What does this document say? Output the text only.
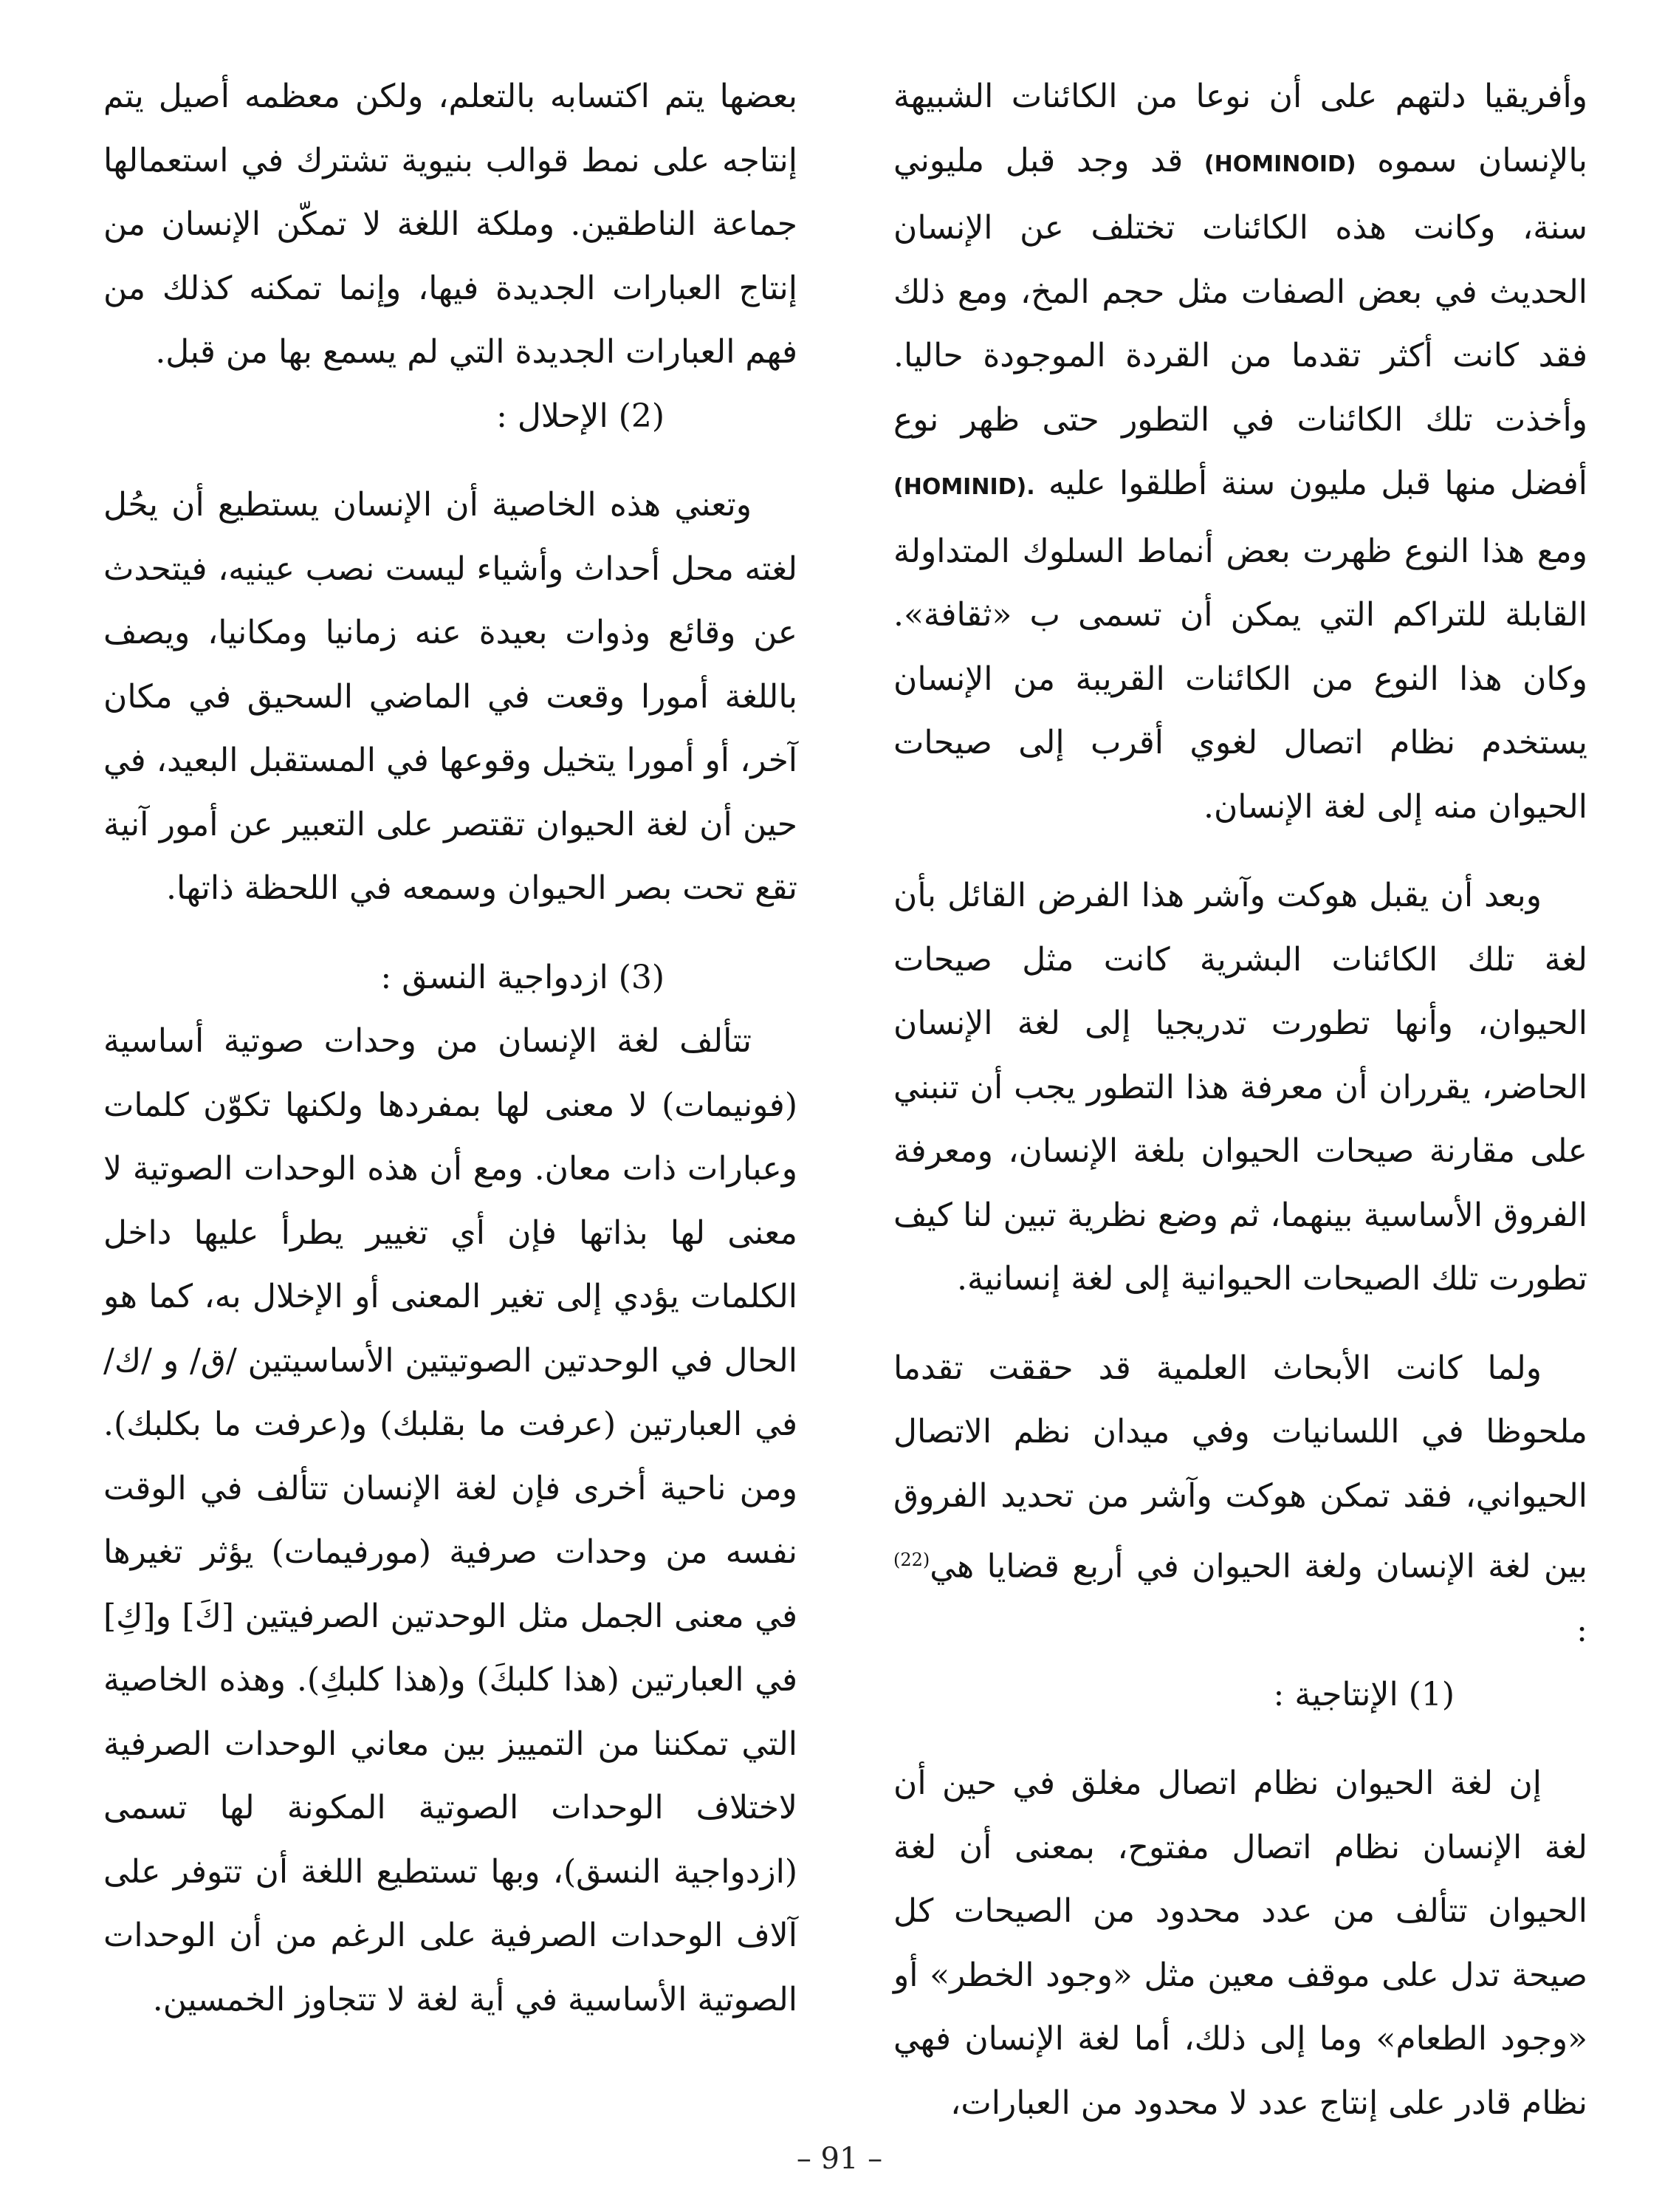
وأفريقيا دلتهم على أن نوعا من الكائنات الشبيهة بالإنسان سموه (HOMINOID) قد وجد قبل مليوني سنة، وكانت هذه الكائنات تختلف عن الإنسان الحديث في بعض الصفات مثل حجم المخ، ومع ذلك فقد كانت أكثر تقدما من القردة الموجودة حاليا. وأخذت تلك الكائنات في التطور حتى ظهر نوع أفضل منها قبل مليون سنة أطلقوا عليه (HOMINID). ومع هذا النوع ظهرت بعض أنماط السلوك المتداولة القابلة للتراكم التي يمكن أن تسمى ب «ثقافة». وكان هذا النوع من الكائنات القريبة من الإنسان يستخدم نظام اتصال لغوي أقرب إلى صيحات الحيوان منه إلى لغة الإنسان.

وبعد أن يقبل هوكت وآشر هذا الفرض القائل بأن لغة تلك الكائنات البشرية كانت مثل صيحات الحيوان، وأنها تطورت تدريجيا إلى لغة الإنسان الحاضر، يقرران أن معرفة هذا التطور يجب أن تنبني على مقارنة صيحات الحيوان بلغة الإنسان، ومعرفة الفروق الأساسية بينهما، ثم وضع نظرية تبين لنا كيف تطورت تلك الصيحات الحيوانية إلى لغة إنسانية.

ولما كانت الأبحاث العلمية قد حققت تقدما ملحوظا في اللسانيات وفي ميدان نظم الاتصال الحيواني، فقد تمكن هوكت وآشر من تحديد الفروق بين لغة الإنسان ولغة الحيوان في أربع قضايا هي$^{(22)}$ :

(1) الإنتاجية :

إن لغة الحيوان نظام اتصال مغلق في حين أن لغة الإنسان نظام اتصال مفتوح، بمعنى أن لغة الحيوان تتألف من عدد محدود من الصيحات كل صيحة تدل على موقف معين مثل «وجود الخطر» أو «وجود الطعام» وما إلى ذلك، أما لغة الإنسان فهي نظام قادر على إنتاج عدد لا محدود من العبارات،

بعضها يتم اكتسابه بالتعلم، ولكن معظمه أصيل يتم إنتاجه على نمط قوالب بنيوية تشترك في استعمالها جماعة الناطقين. وملكة اللغة لا تمكّن الإنسان من إنتاج العبارات الجديدة فيها، وإنما تمكنه كذلك من فهم العبارات الجديدة التي لم يسمع بها من قبل.

(2) الإحلال :

وتعني هذه الخاصية أن الإنسان يستطيع أن يحُل لغته محل أحداث وأشياء ليست نصب عينيه، فيتحدث عن وقائع وذوات بعيدة عنه زمانيا ومكانيا، ويصف باللغة أمورا وقعت في الماضي السحيق في مكان آخر، أو أمورا يتخيل وقوعها في المستقبل البعيد، في حين أن لغة الحيوان تقتصر على التعبير عن أمور آنية تقع تحت بصر الحيوان وسمعه في اللحظة ذاتها.

(3) ازدواجية النسق :

تتألف لغة الإنسان من وحدات صوتية أساسية (فونيمات) لا معنى لها بمفردها ولكنها تكوّن كلمات وعبارات ذات معان. ومع أن هذه الوحدات الصوتية لا معنى لها بذاتها فإن أي تغيير يطرأ عليها داخل الكلمات يؤدي إلى تغير المعنى أو الإخلال به، كما هو الحال في الوحدتين الصوتيتين الأساسيتين /ق/ و /ك/ في العبارتين (عرفت ما بقلبك) و(عرفت ما بكلبك). ومن ناحية أخرى فإن لغة الإنسان تتألف في الوقت نفسه من وحدات صرفية (مورفيمات) يؤثر تغيرها في معنى الجمل مثل الوحدتين الصرفيتين [كَ] و[كِ] في العبارتين (هذا كلبكَ) و(هذا كلبكِ). وهذه الخاصية التي تمكننا من التمييز بين معاني الوحدات الصرفية لاختلاف الوحدات الصوتية المكونة لها تسمى (ازدواجية النسق)، وبها تستطيع اللغة أن تتوفر على آلاف الوحدات الصرفية على الرغم من أن الوحدات الصوتية الأساسية في أية لغة لا تتجاوز الخمسين.

– 91 –
